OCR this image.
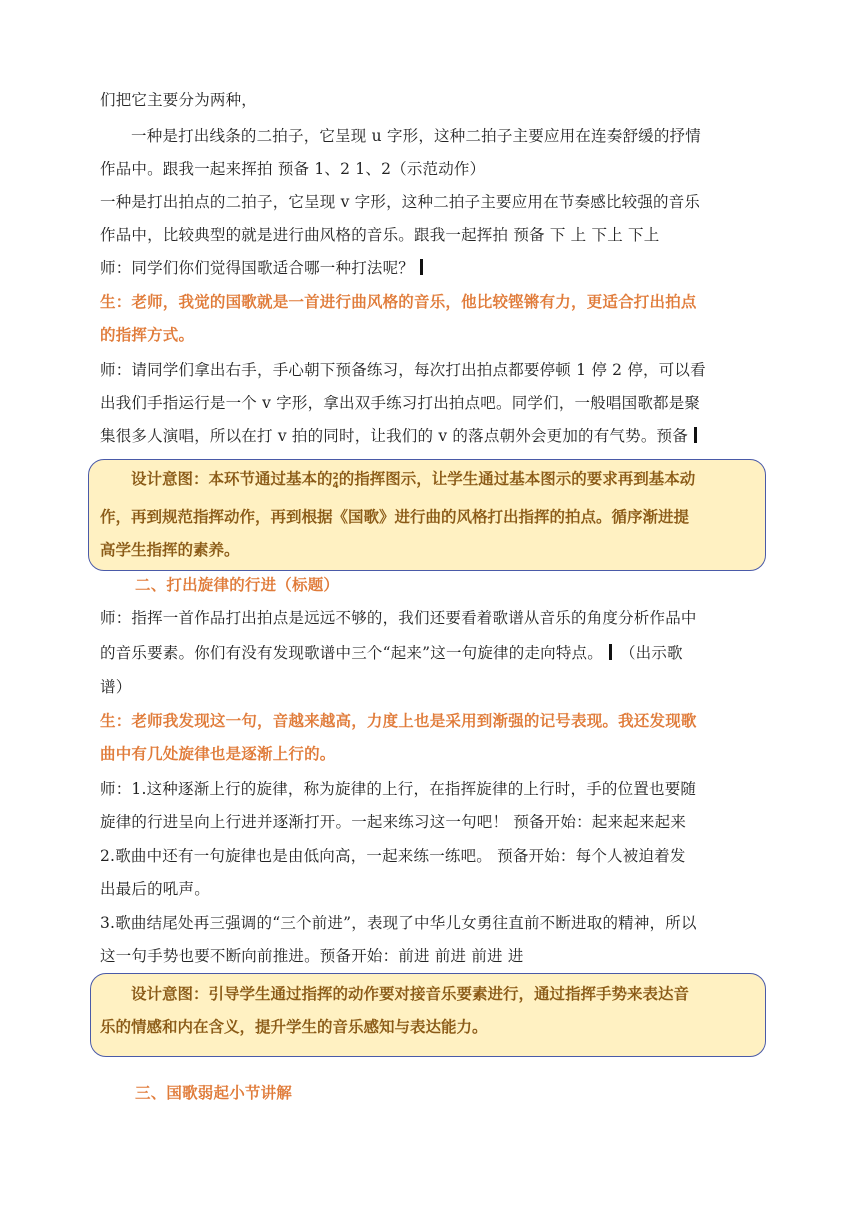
们把它主要分为两种，
一种是打出线条的二拍子，它呈现 u 字形，这种二拍子主要应用在连奏舒缓的抒情
作品中。跟我一起来挥拍 预备 1、2 1、2（示范动作）
一种是打出拍点的二拍子，它呈现 v 字形，这种二拍子主要应用在节奏感比较强的音乐
作品中，比较典型的就是进行曲风格的音乐。跟我一起挥拍 预备 下 上 下上 下上
师：同学们你们觉得国歌适合哪一种打法呢？
生：老师，我觉的国歌就是一首进行曲风格的音乐，他比较铿锵有力，更适合打出拍点
的指挥方式。
师：请同学们拿出右手，手心朝下预备练习，每次打出拍点都要停顿 1 停 2 停，可以看
出我们手指运行是一个 v 字形，拿出双手练习打出拍点吧。同学们，一般唱国歌都是聚
集很多人演唱，所以在打 v 拍的同时，让我们的 v 的落点朝外会更加的有气势。预备
设计意图：本环节通过基本的 2
4 的指挥图示，让学生通过基本图示的要求再到基本动
作，再到规范指挥动作，再到根据《国歌》进行曲的风格打出指挥的拍点。循序渐进提
高学生指挥的素养。
二、打出旋律的行进（标题）
师：指挥一首作品打出拍点是远远不够的，我们还要看着歌谱从音乐的角度分析作品中
的音乐要素。你们有没有发现歌谱中三个“起来”这一句旋律的走向特点。 （出示歌
谱）
生：老师我发现这一句，音越来越高，力度上也是采用到渐强的记号表现。我还发现歌
曲中有几处旋律也是逐渐上行的。
师：1.这种逐渐上行的旋律，称为旋律的上行，在指挥旋律的上行时，手的位置也要随
旋律的行进呈向上行进并逐渐打开。一起来练习这一句吧！ 预备开始：起来起来起来
2.歌曲中还有一句旋律也是由低向高，一起来练一练吧。 预备开始：每个人被迫着发
出最后的吼声。
3.歌曲结尾处再三强调的“三个前进”，表现了中华儿女勇往直前不断进取的精神，所以
这一句手势也要不断向前推进。预备开始：前进 前进 前进 进
设计意图：引导学生通过指挥的动作要对接音乐要素进行，通过指挥手势来表达音
乐的情感和内在含义，提升学生的音乐感知与表达能力。
三、国歌弱起小节讲解
